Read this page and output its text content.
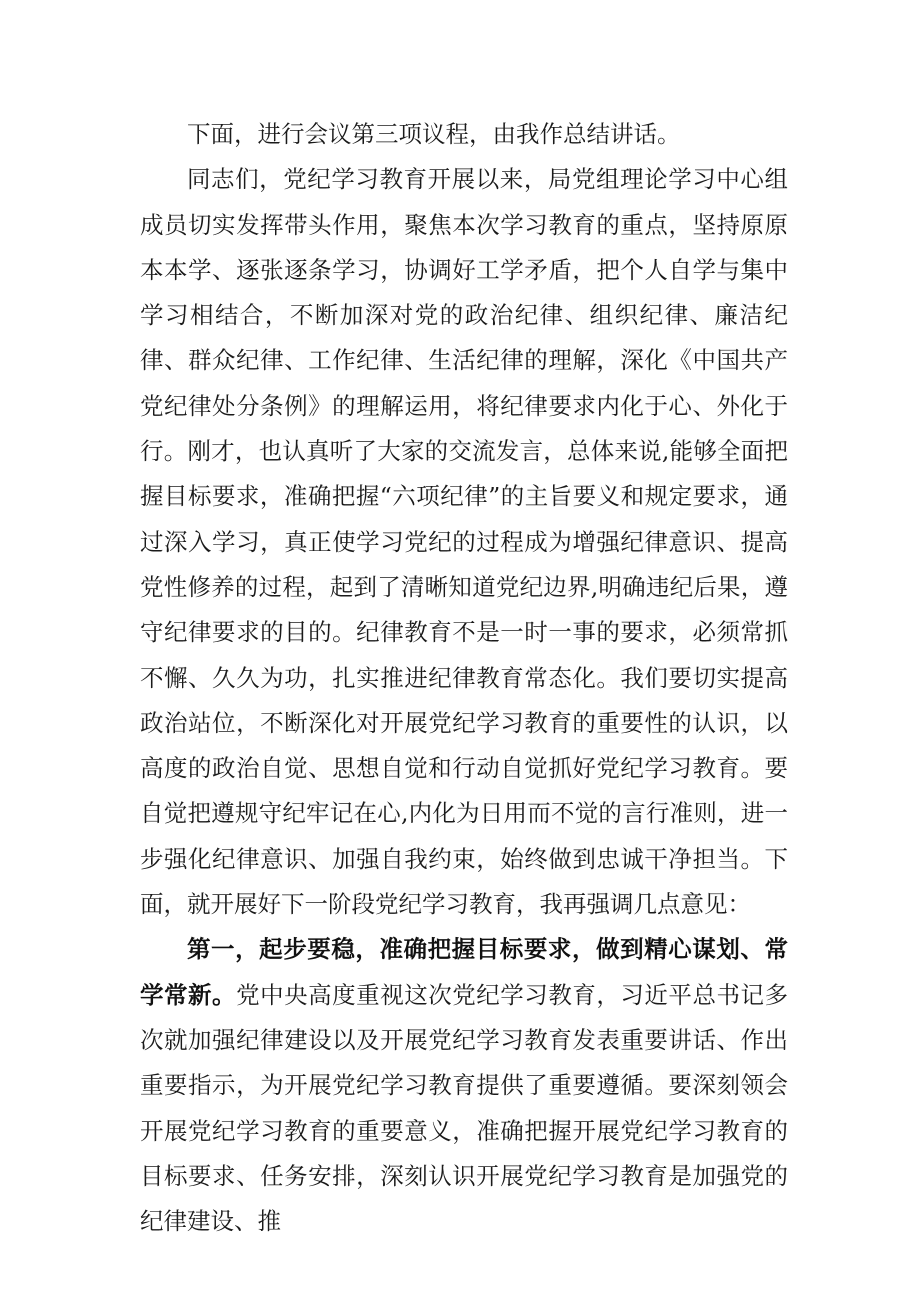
下面，进行会议第三项议程，由我作总结讲话。

同志们，党纪学习教育开展以来，局党组理论学习中心组成员切实发挥带头作用，聚焦本次学习教育的重点，坚持原原本本学、逐张逐条学习，协调好工学矛盾，把个人自学与集中学习相结合，不断加深对党的政治纪律、组织纪律、廉洁纪律、群众纪律、工作纪律、生活纪律的理解，深化《中国共产党纪律处分条例》的理解运用，将纪律要求内化于心、外化于行。刚才，也认真听了大家的交流发言，总体来说,能够全面把握目标要求，准确把握“六项纪律”的主旨要义和规定要求，通过深入学习，真正使学习党纪的过程成为增强纪律意识、提高党性修养的过程，起到了清晰知道党纪边界,明确违纪后果，遵守纪律要求的目的。纪律教育不是一时一事的要求，必须常抓不懈、久久为功，扎实推进纪律教育常态化。我们要切实提高政治站位，不断深化对开展党纪学习教育的重要性的认识，以高度的政治自觉、思想自觉和行动自觉抓好党纪学习教育。要自觉把遵规守纪牢记在心,内化为日用而不觉的言行准则，进一步强化纪律意识、加强自我约束，始终做到忠诚干净担当。下面，就开展好下一阶段党纪学习教育，我再强调几点意见：

第一，起步要稳，准确把握目标要求，做到精心谋划、常学常新。党中央高度重视这次党纪学习教育，习近平总书记多次就加强纪律建设以及开展党纪学习教育发表重要讲话、作出重要指示，为开展党纪学习教育提供了重要遵循。要深刻领会开展党纪学习教育的重要意义，准确把握开展党纪学习教育的目标要求、任务安排，深刻认识开展党纪学习教育是加强党的纪律建设、推
